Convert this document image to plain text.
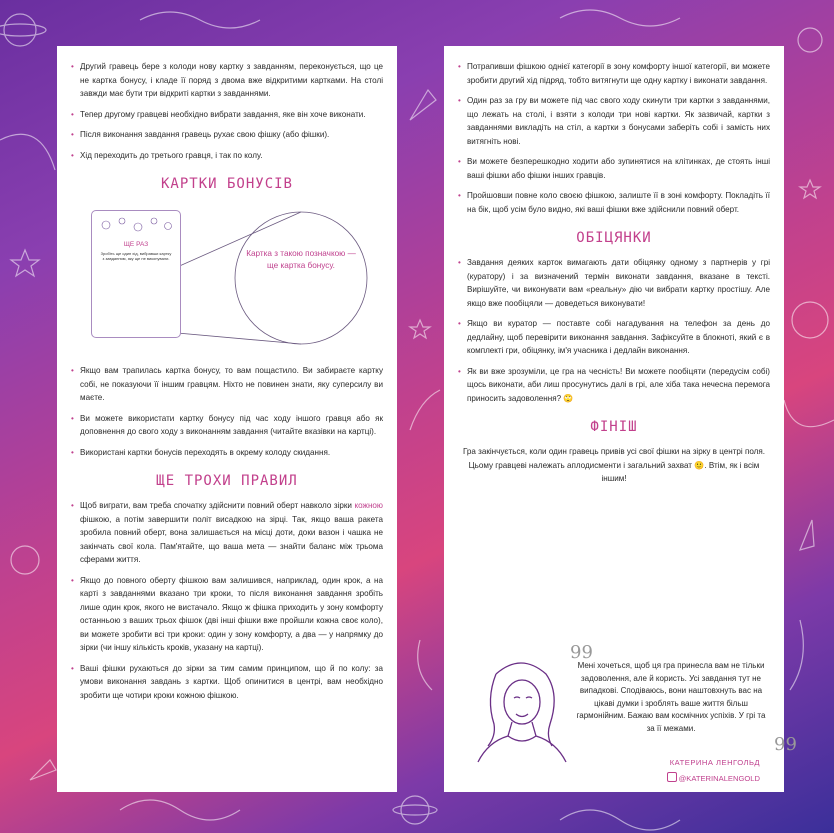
• Другий гравець бере з колоди нову картку з завданням, переконується, що це не картка бонусу, і кладе її поряд з двома вже відкритими картками. На столі завжди має бути три відкриті картки з завданнями.
• Тепер другому гравцеві необхідно вибрати завдання, яке він хоче виконати.
• Після виконання завдання гравець рухає свою фішку (або фішки).
• Хід переходить до третього гравця, і так по колу.
КАРТКИ БОНУСІВ
ЩЕ РАЗ
Зробіть ще один хід, вибравши картку з завданням, яку ще не виконували.
Картка з такою позначкою — ще картка бонусу.
• Якщо вам трапилась картка бонусу, то вам пощастило. Ви забираєте картку собі, не показуючи її іншим гравцям. Ніхто не повинен знати, яку суперсилу ви маєте.
• Ви можете використати картку бонусу під час ходу іншого гравця або як доповнення до свого ходу з виконанням завдання (читайте вказівки на картці).
• Використані картки бонусів переходять в окрему колоду скидання.
ЩЕ ТРОХИ ПРАВИЛ
• Щоб виграти, вам треба спочатку здійснити повний оберт навколо зірки кожною фішкою, а потім завершити політ висадкою на зірці. Так, якщо ваша ракета зробила повний оберт, вона залишається на місці доти, доки вазон і чашка не закінчать свої кола. Пам'ятайте, що ваша мета — знайти баланс між трьома сферами життя.
• Якщо до повного оберту фішкою вам залишився, наприклад, один крок, а на карті з завданнями вказано три кроки, то після виконання завдання зробіть лише один крок, якого не вистачало. Якщо ж фішка приходить у зону комфорту останньою з ваших трьох фішок (дві інші фішки вже пройшли кожна своє коло), ви можете зробити всі три кроки: один у зону комфорту, а два — у напрямку до зірки (чи іншу кількість кроків, указану на картці).
• Ваші фішки рухаються до зірки за тим самим принципом, що й по колу: за умови виконання завдань з картки. Щоб опинитися в центрі, вам необхідно зробити ще чотири кроки кожною фішкою.
• Потрапивши фішкою однієї категорії в зону комфорту іншої категорії, ви можете зробити другий хід підряд, тобто витягнути ще одну картку і виконати завдання.
• Один раз за гру ви можете під час свого ходу скинути три картки з завданнями, що лежать на столі, і взяти з колоди три нові картки. Як зазвичай, картки з завданнями викладіть на стіл, а картки з бонусами заберіть собі і замість них витягніть нові.
• Ви можете безперешкодно ходити або зупинятися на клітинках, де стоять інші ваші фішки або фішки інших гравців.
• Пройшовши повне коло своєю фішкою, залиште її в зоні комфорту. Покладіть її на бік, щоб усім було видно, які ваші фішки вже здійснили повний оберт.
ОБІЦЯНКИ
• Завдання деяких карток вимагають дати обіцянку одному з партнерів у грі (куратору) і за визначений термін виконати завдання, вказане в тексті. Вирішуйте, чи виконувати вам «реальну» дію чи вибрати картку простішу. Але якщо вже пообіцяли — доведеться виконувати!
• Якщо ви куратор — поставте собі нагадування на телефон за день до дедлайну, щоб перевірити виконання завдання. Зафіксуйте в блокноті, який є в комплекті гри, обіцянку, ім'я учасника і дедлайн виконання.
• Як ви вже зрозуміли, це гра на чесність! Ви можете пообіцяти (передусім собі) щось виконати, аби лиш просунутись далі в грі, але хіба така нечесна перемога приносить задоволення? 🙄
ФІНІШ
Гра закінчується, коли один гравець привів усі свої фішки на зірку в центрі поля. Цьому гравцеві належать аплодисменти і загальний захват 🙂. Втім, як і всім іншим!
99
Мені хочеться, щоб ця гра принесла вам не тільки задоволення, але й користь. Усі завдання тут не випадкові. Сподіваюсь, вони наштовхнуть вас на цікаві думки і зроблять ваше життя більш гармонійним. Бажаю вам космічних успіхів. У грі та за її межами.
99
КАТЕРИНА ЛЕНГОЛЬД
@KATERINALENGOLD
